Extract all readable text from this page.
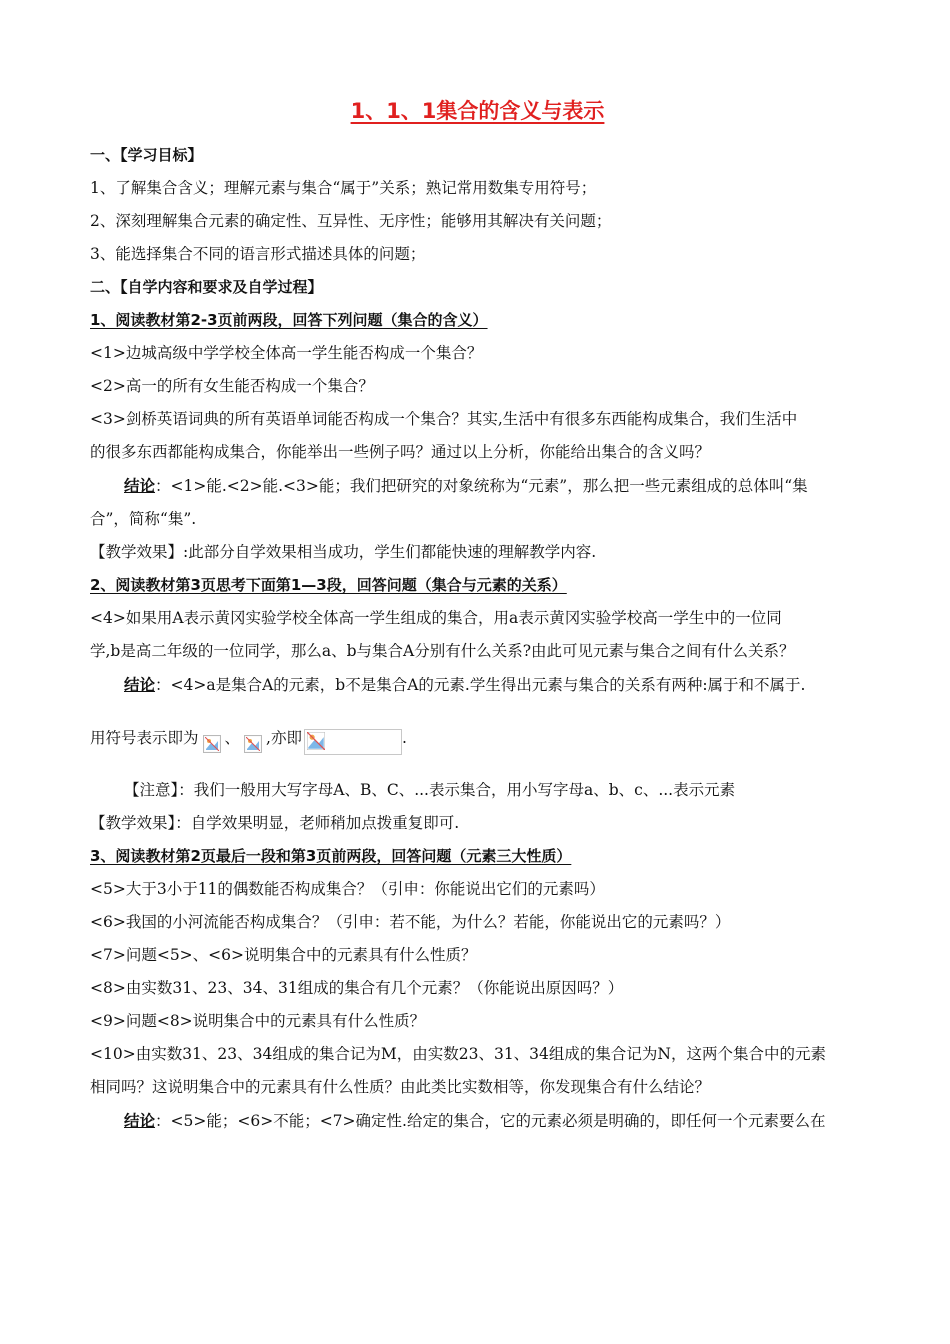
1、1、1集合的含义与表示

一、【学习目标】

1、了解集合含义；理解元素与集合“属于”关系；熟记常用数集专用符号；

2、深刻理解集合元素的确定性、互异性、无序性；能够用其解决有关问题；

3、能选择集合不同的语言形式描述具体的问题；

二、【自学内容和要求及自学过程】

1、阅读教材第2-3页前两段，回答下列问题（集合的含义）

<1>边城高级中学学校全体高一学生能否构成一个集合？

<2>高一的所有女生能否构成一个集合？

<3>剑桥英语词典的所有英语单词能否构成一个集合？其实,生活中有很多东西能构成集合，我们生活中

的很多东西都能构成集合，你能举出一些例子吗？通过以上分析，你能给出集合的含义吗？

结论：<1>能.<2>能.<3>能；我们把研究的对象统称为“元素”，那么把一些元素组成的总体叫“集

合”，简称“集”.

【教学效果】:此部分自学效果相当成功，学生们都能快速的理解教学内容.

2、阅读教材第3页思考下面第1—3段，回答问题（集合与元素的关系）

<4>如果用A表示黄冈实验学校全体高一学生组成的集合，用a表示黄冈实验学校高一学生中的一位同

学,b是高二年级的一位同学，那么a、b与集合A分别有什么关系?由此可见元素与集合之间有什么关系？

结论：<4>a是集合A的元素，b不是集合A的元素.学生得出元素与集合的关系有两种:属于和不属于.

用符号表示即为 、 ,亦即	.

【注意】：我们一般用大写字母A、B、C、...表示集合，用小写字母a、b、c、...表示元素

【教学效果】：自学效果明显，老师稍加点拨重复即可.

3、阅读教材第2页最后一段和第3页前两段，回答问题（元素三大性质）

<5>大于3小于11的偶数能否构成集合？（引申：你能说出它们的元素吗）

<6>我国的小河流能否构成集合？（引申：若不能，为什么？若能，你能说出它的元素吗？）

<7>问题<5>、<6>说明集合中的元素具有什么性质？

<8>由实数31、23、34、31组成的集合有几个元素？（你能说出原因吗？）

<9>问题<8>说明集合中的元素具有什么性质？

<10>由实数31、23、34组成的集合记为M，由实数23、31、34组成的集合记为N，这两个集合中的元素

相同吗？这说明集合中的元素具有什么性质？由此类比实数相等，你发现集合有什么结论？

结论：<5>能；<6>不能；<7>确定性.给定的集合，它的元素必须是明确的，即任何一个元素要么在
